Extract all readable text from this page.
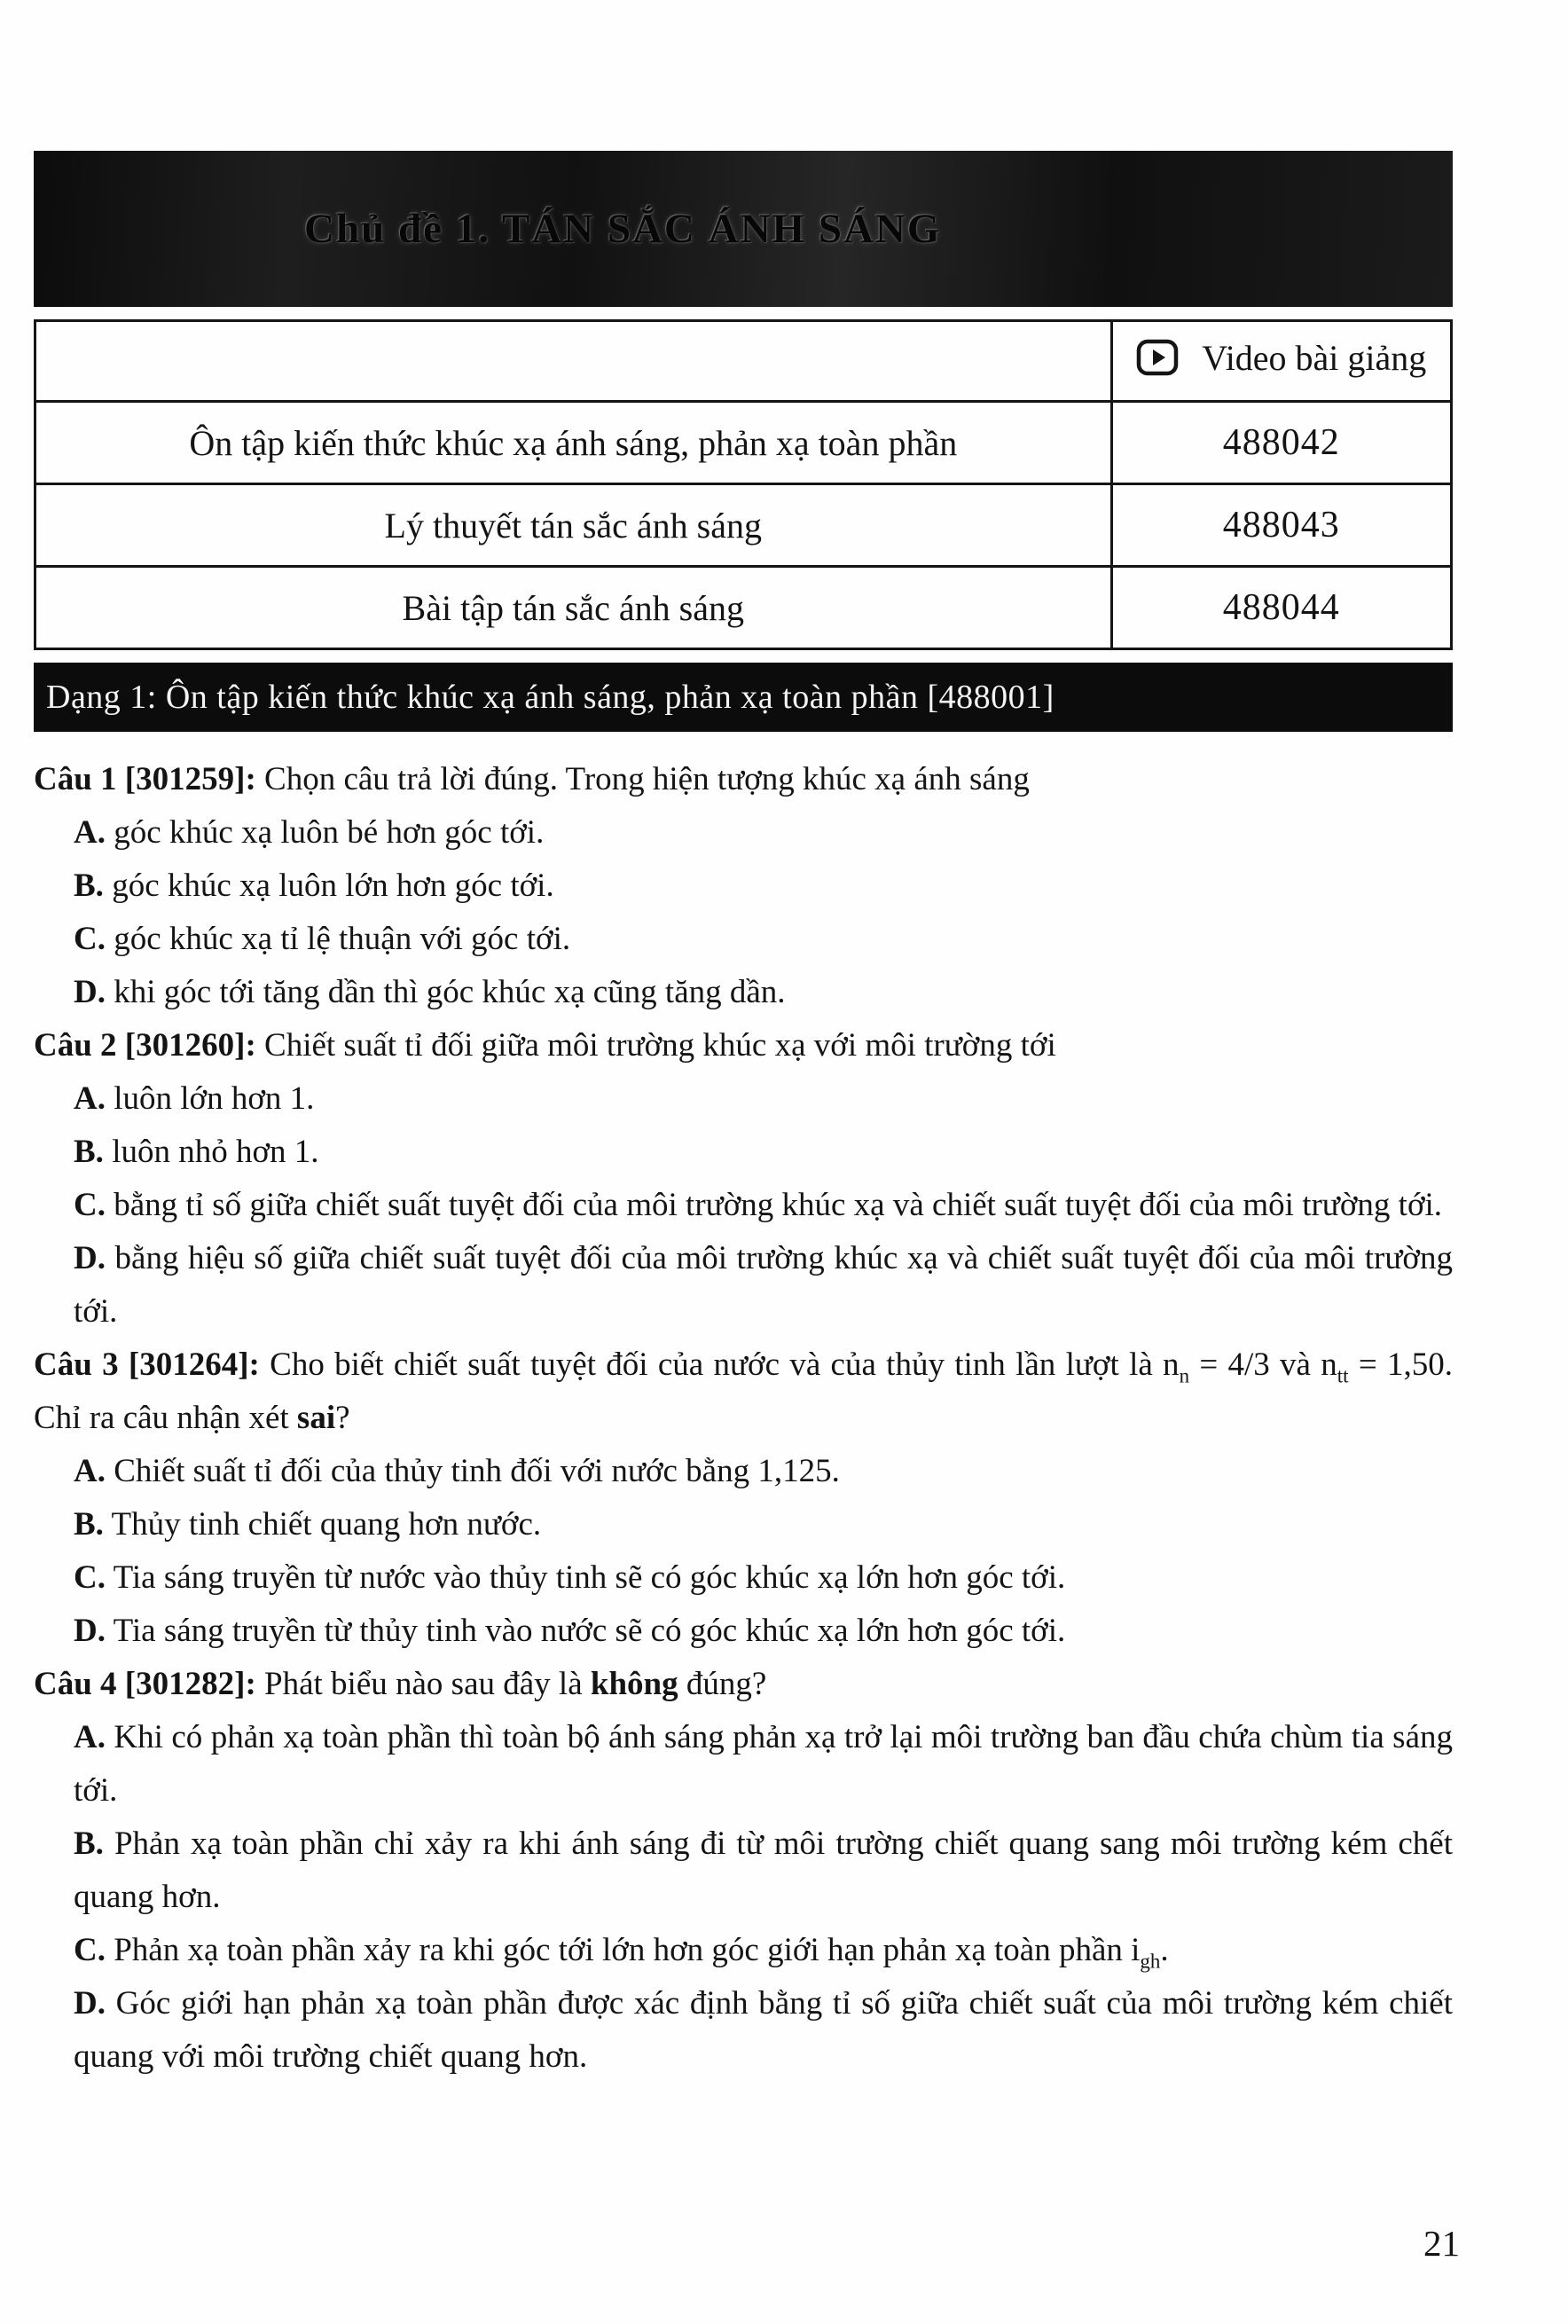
Chủ đề 1. TÁN SẮC ÁNH SÁNG
	Video bài giảng
Ôn tập kiến thức khúc xạ ánh sáng, phản xạ toàn phần	488042
Lý thuyết tán sắc ánh sáng	488043
Bài tập tán sắc ánh sáng	488044
Dạng 1: Ôn tập kiến thức khúc xạ ánh sáng, phản xạ toàn phần [488001]

Câu 1 [301259]: Chọn câu trả lời đúng. Trong hiện tượng khúc xạ ánh sáng

A. góc khúc xạ luôn bé hơn góc tới.

B. góc khúc xạ luôn lớn hơn góc tới.

C. góc khúc xạ tỉ lệ thuận với góc tới.

D. khi góc tới tăng dần thì góc khúc xạ cũng tăng dần.

Câu 2 [301260]: Chiết suất tỉ đối giữa môi trường khúc xạ với môi trường tới

A. luôn lớn hơn 1.

B. luôn nhỏ hơn 1.

C. bằng tỉ số giữa chiết suất tuyệt đối của môi trường khúc xạ và chiết suất tuyệt đối của môi trường tới.

D. bằng hiệu số giữa chiết suất tuyệt đối của môi trường khúc xạ và chiết suất tuyệt đối của môi trường tới.

Câu 3 [301264]: Cho biết chiết suất tuyệt đối của nước và của thủy tinh lần lượt là $n_n = 4/3$ và $n_{tt} = 1,50$. Chỉ ra câu nhận xét sai?

A. Chiết suất tỉ đối của thủy tinh đối với nước bằng 1,125.

B. Thủy tinh chiết quang hơn nước.

C. Tia sáng truyền từ nước vào thủy tinh sẽ có góc khúc xạ lớn hơn góc tới.

D. Tia sáng truyền từ thủy tinh vào nước sẽ có góc khúc xạ lớn hơn góc tới.

Câu 4 [301282]: Phát biểu nào sau đây là không đúng?

A. Khi có phản xạ toàn phần thì toàn bộ ánh sáng phản xạ trở lại môi trường ban đầu chứa chùm tia sáng tới.

B. Phản xạ toàn phần chỉ xảy ra khi ánh sáng đi từ môi trường chiết quang sang môi trường kém chết quang hơn.

C. Phản xạ toàn phần xảy ra khi góc tới lớn hơn góc giới hạn phản xạ toàn phần $i_{gh}$.

D. Góc giới hạn phản xạ toàn phần được xác định bằng tỉ số giữa chiết suất của môi trường kém chiết quang với môi trường chiết quang hơn.

21
